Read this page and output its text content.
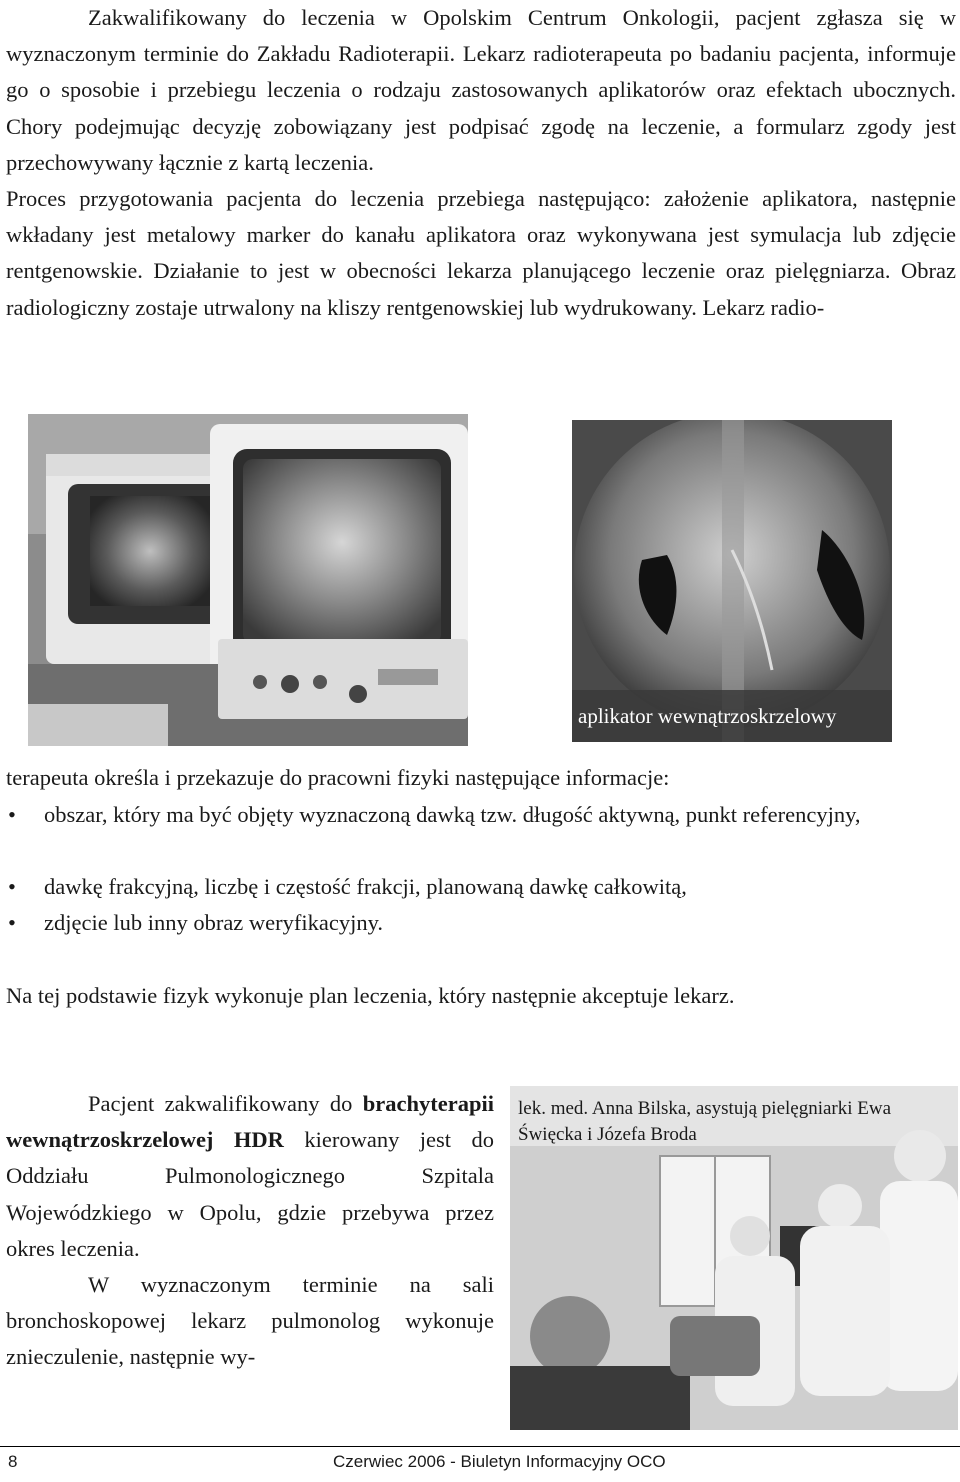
Zakwalifikowany do leczenia w Opolskim Centrum Onkologii, pacjent zgłasza się w wyznaczonym terminie do Zakładu Radioterapii. Lekarz radioterapeuta po badaniu pacjenta, informuje go o sposobie i przebiegu leczenia o rodzaju zastosowanych aplikatorów oraz efektach ubocznych. Chory podejmując decyzję zobowiązany jest podpisać zgodę na leczenie, a formularz zgody jest przechowywany łącznie z kartą leczenia.

Proces przygotowania pacjenta do leczenia przebiega następująco: założenie aplikatora, następnie wkładany jest metalowy marker do kanału aplikatora oraz wykonywana jest symulacja lub zdjęcie rentgenowskie. Działanie to jest w obecności lekarza planującego leczenie oraz pielęgniarza. Obraz radiologiczny zostaje utrwalony na kliszy rentgenowskiej lub wydrukowany. Lekarz radio-

aplikator wewnątrzoskrzelowy

terapeuta określa i przekazuje do pracowni fizyki następujące informacje:

•	obszar, który ma być objęty wyznaczoną dawką tzw. długość aktywną, punkt referencyjny,
•	dawkę frakcyjną, liczbę i częstość frakcji, planowaną dawkę całkowitą,
•	zdjęcie lub inny obraz weryfikacyjny.

Na tej podstawie fizyk wykonuje plan leczenia, który następnie akceptuje lekarz.

Pacjent zakwalifikowany do brachyterapii wewnątrzoskrzelowej HDR kierowany jest do Oddziału Pulmonologicznego Szpitala Wojewódzkiego w Opolu, gdzie przebywa przez okres leczenia.

W wyznaczonym terminie na sali bronchoskopowej lekarz pulmonolog wykonuje znieczulenie, następnie wy-

lek. med. Anna Bilska, asystują pielęgniarki Ewa Święcka i Józefa Broda
8	Czerwiec 2006 - Biuletyn Informacyjny OCO
